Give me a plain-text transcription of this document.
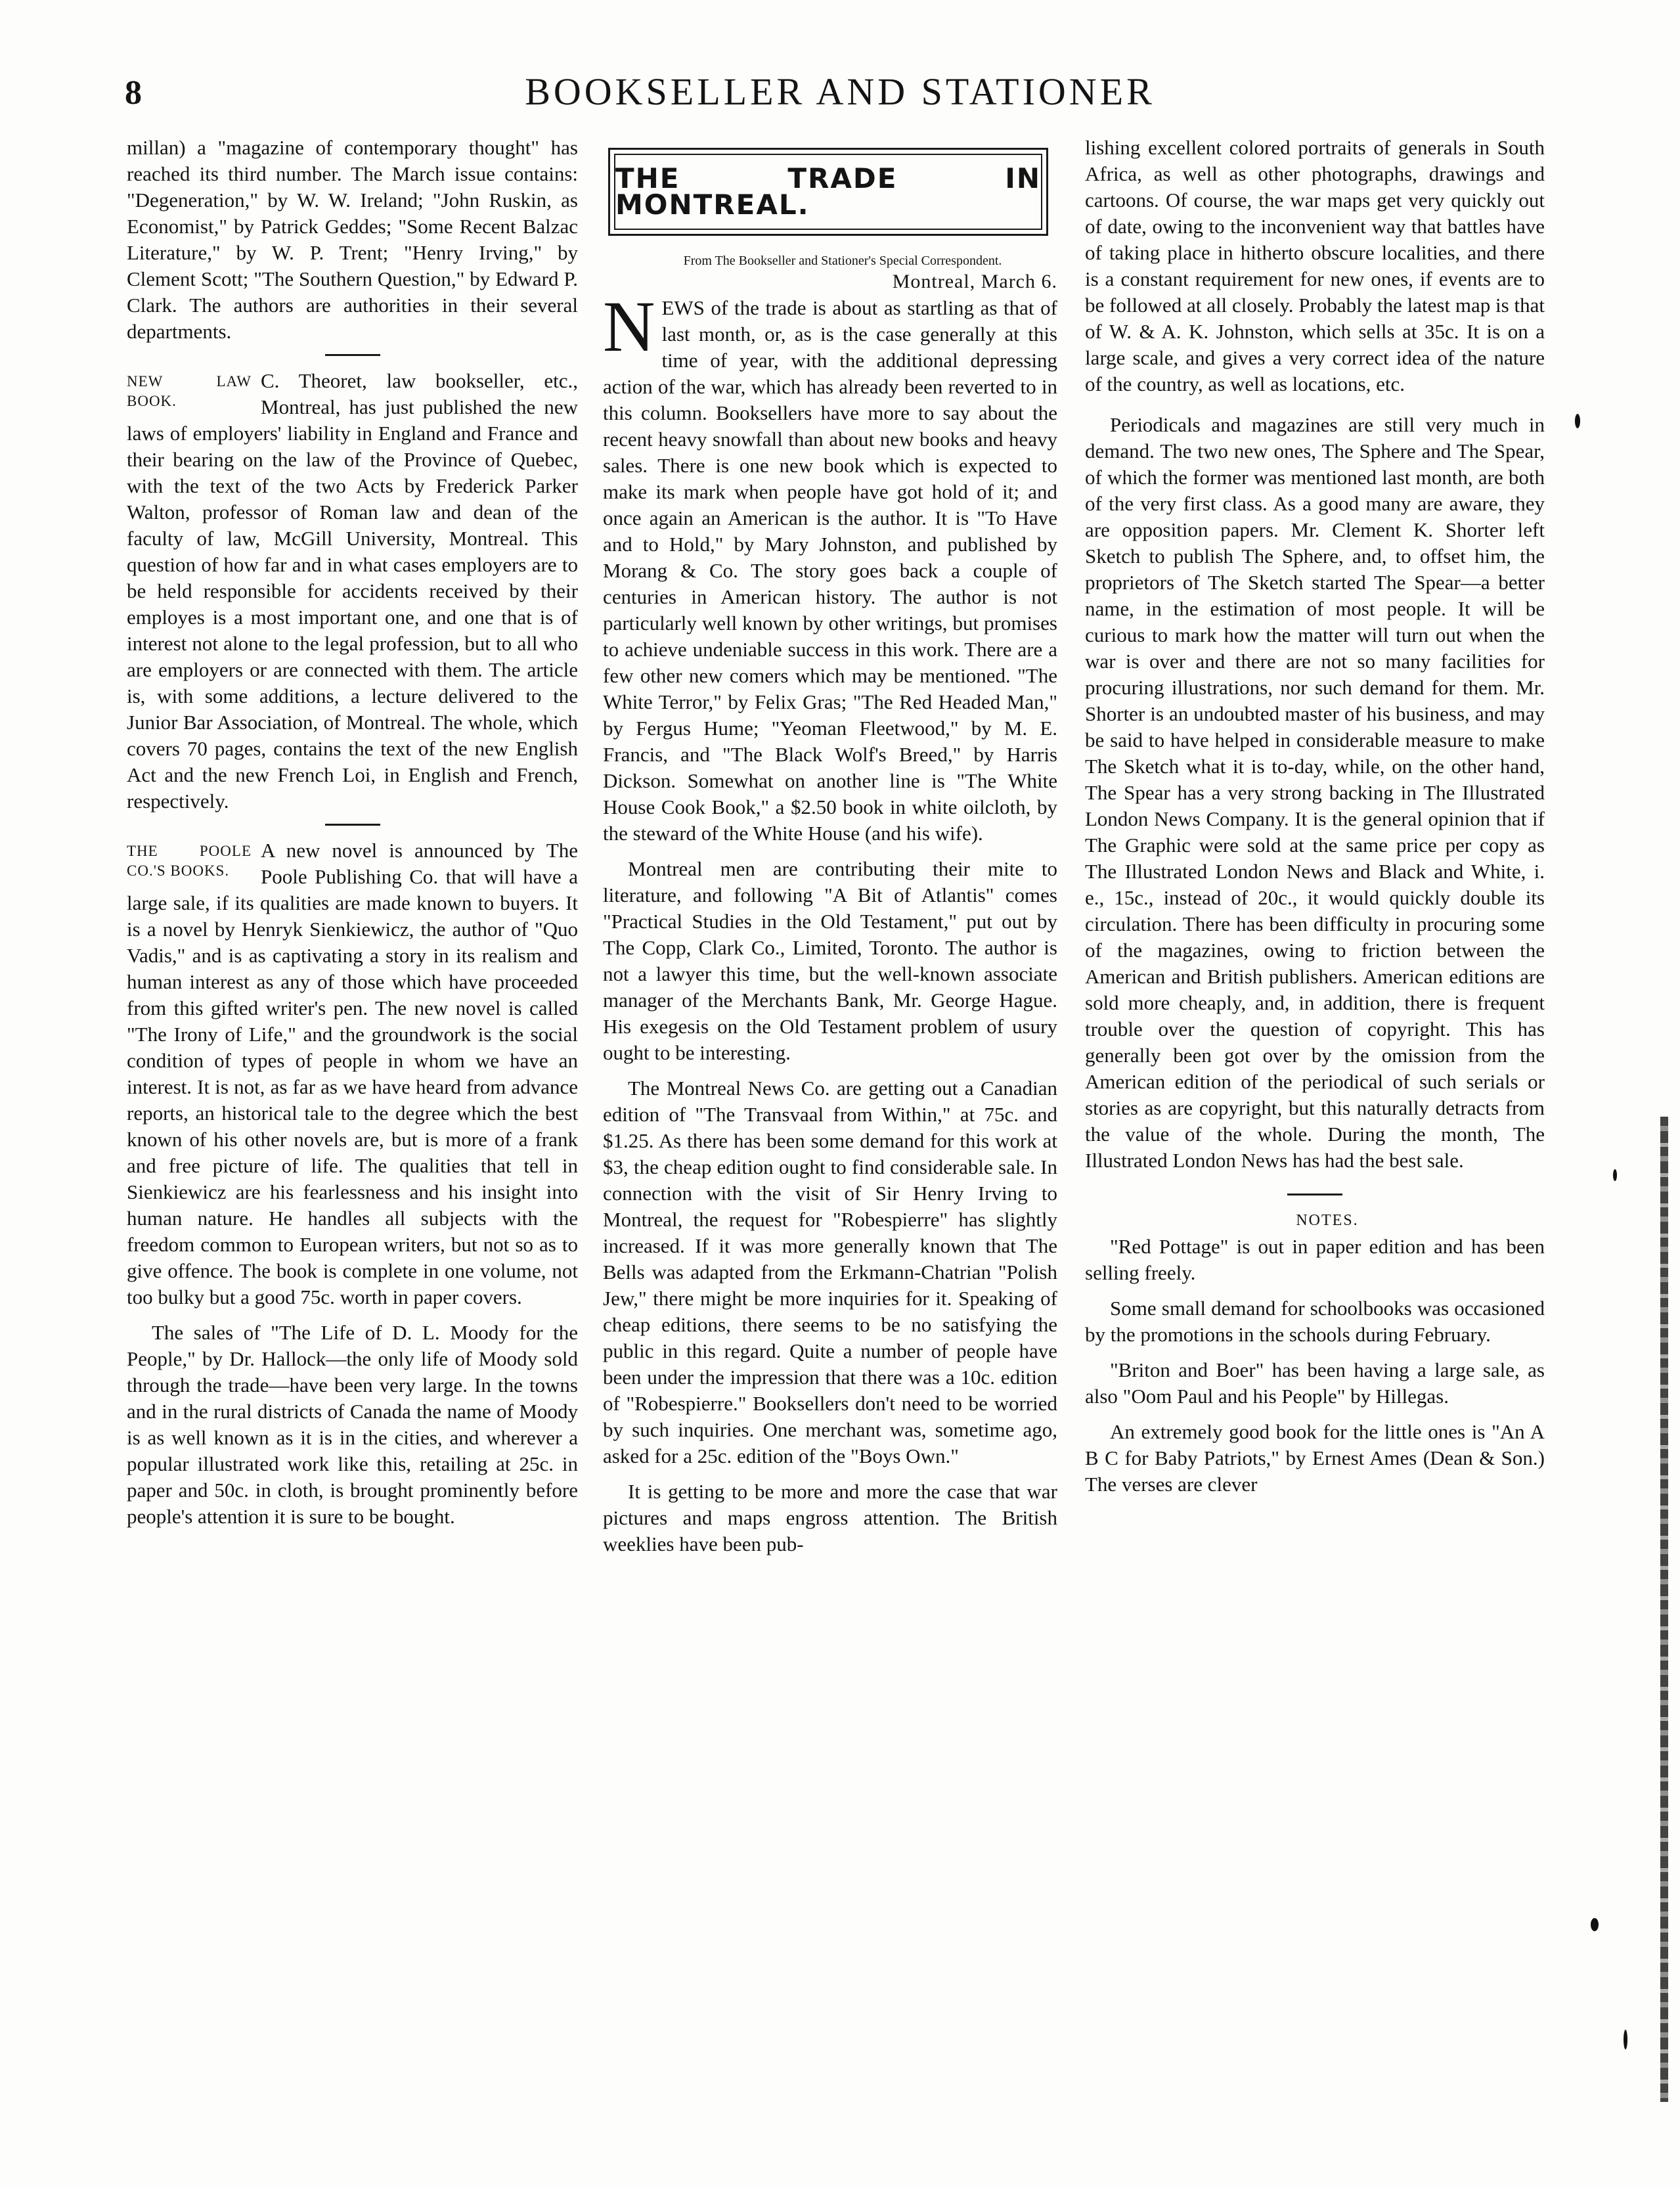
8	BOOKSELLER AND STATIONER

millan) a "magazine of contemporary thought" has reached its third number. The March issue contains: "Degeneration," by W. W. Ireland; "John Ruskin, as Economist," by Patrick Geddes; "Some Recent Balzac Literature," by W. P. Trent; "Henry Irving," by Clement Scott; "The Southern Question," by Edward P. Clark. The authors are authorities in their several departments.

NEW LAW BOOK.
C. Theoret, law bookseller, etc., Montreal, has just published the new laws of employers' liability in England and France and their bearing on the law of the Province of Quebec, with the text of the two Acts by Frederick Parker Walton, professor of Roman law and dean of the faculty of law, McGill University, Montreal. This question of how far and in what cases employers are to be held responsible for accidents received by their employes is a most important one, and one that is of interest not alone to the legal profession, but to all who are employers or are connected with them. The article is, with some additions, a lecture delivered to the Junior Bar Association, of Montreal. The whole, which covers 70 pages, contains the text of the new English Act and the new French Loi, in English and French, respectively.

THE POOLE CO.'S BOOKS.
A new novel is announced by The Poole Publishing Co. that will have a large sale, if its qualities are made known to buyers. It is a novel by Henryk Sienkiewicz, the author of "Quo Vadis," and is as captivating a story in its realism and human interest as any of those which have proceeded from this gifted writer's pen. The new novel is called "The Irony of Life," and the groundwork is the social condition of types of people in whom we have an interest. It is not, as far as we have heard from advance reports, an historical tale to the degree which the best known of his other novels are, but is more of a frank and free picture of life. The qualities that tell in Sienkiewicz are his fearlessness and his insight into human nature. He handles all subjects with the freedom common to European writers, but not so as to give offence. The book is complete in one volume, not too bulky but a good 75c. worth in paper covers.

The sales of "The Life of D. L. Moody for the People," by Dr. Hallock—the only life of Moody sold through the trade—have been very large. In the towns and in the rural districts of Canada the name of Moody is as well known as it is in the cities, and wherever a popular illustrated work like this, retailing at 25c. in paper and 50c. in cloth, is brought prominently before people's attention it is sure to be bought.

THE TRADE IN MONTREAL.

From The Bookseller and Stationer's Special Correspondent.

Montreal, March 6.

N EWS of the trade is about as startling as that of last month, or, as is the case generally at this time of year, with the additional depressing action of the war, which has already been reverted to in this column. Booksellers have more to say about the recent heavy snowfall than about new books and heavy sales. There is one new book which is expected to make its mark when people have got hold of it; and once again an American is the author. It is "To Have and to Hold," by Mary Johnston, and published by Morang & Co. The story goes back a couple of centuries in American history. The author is not particularly well known by other writings, but promises to achieve undeniable success in this work. There are a few other new comers which may be mentioned. "The White Terror," by Felix Gras; "The Red Headed Man," by Fergus Hume; "Yeoman Fleetwood," by M. E. Francis, and "The Black Wolf's Breed," by Harris Dickson. Somewhat on another line is "The White House Cook Book," a $2.50 book in white oilcloth, by the steward of the White House (and his wife).

Montreal men are contributing their mite to literature, and following "A Bit of Atlantis" comes "Practical Studies in the Old Testament," put out by The Copp, Clark Co., Limited, Toronto. The author is not a lawyer this time, but the well-known associate manager of the Merchants Bank, Mr. George Hague. His exegesis on the Old Testament problem of usury ought to be interesting.

The Montreal News Co. are getting out a Canadian edition of "The Transvaal from Within," at 75c. and $1.25. As there has been some demand for this work at $3, the cheap edition ought to find considerable sale. In connection with the visit of Sir Henry Irving to Montreal, the request for "Robespierre" has slightly increased. If it was more generally known that The Bells was adapted from the Erkmann-Chatrian "Polish Jew," there might be more inquiries for it. Speaking of cheap editions, there seems to be no satisfying the public in this regard. Quite a number of people have been under the impression that there was a 10c. edition of "Robespierre." Booksellers don't need to be worried by such inquiries. One merchant was, sometime ago, asked for a 25c. edition of the "Boys Own."

It is getting to be more and more the case that war pictures and maps engross attention. The British weeklies have been pub-

lishing excellent colored portraits of generals in South Africa, as well as other photographs, drawings and cartoons. Of course, the war maps get very quickly out of date, owing to the inconvenient way that battles have of taking place in hitherto obscure localities, and there is a constant requirement for new ones, if events are to be followed at all closely. Probably the latest map is that of W. & A. K. Johnston, which sells at 35c. It is on a large scale, and gives a very correct idea of the nature of the country, as well as locations, etc.

Periodicals and magazines are still very much in demand. The two new ones, The Sphere and The Spear, of which the former was mentioned last month, are both of the very first class. As a good many are aware, they are opposition papers. Mr. Clement K. Shorter left Sketch to publish The Sphere, and, to offset him, the proprietors of The Sketch started The Spear—a better name, in the estimation of most people. It will be curious to mark how the matter will turn out when the war is over and there are not so many facilities for procuring illustrations, nor such demand for them. Mr. Shorter is an undoubted master of his business, and may be said to have helped in considerable measure to make The Sketch what it is to-day, while, on the other hand, The Spear has a very strong backing in The Illustrated London News Company. It is the general opinion that if The Graphic were sold at the same price per copy as The Illustrated London News and Black and White, i. e., 15c., instead of 20c., it would quickly double its circulation. There has been difficulty in procuring some of the magazines, owing to friction between the American and British publishers. American editions are sold more cheaply, and, in addition, there is frequent trouble over the question of copyright. This has generally been got over by the omission from the American edition of the periodical of such serials or stories as are copyright, but this naturally detracts from the value of the whole. During the month, The Illustrated London News has had the best sale.

NOTES.

"Red Pottage" is out in paper edition and has been selling freely.

Some small demand for schoolbooks was occasioned by the promotions in the schools during February.

"Briton and Boer" has been having a large sale, as also "Oom Paul and his People" by Hillegas.

An extremely good book for the little ones is "An A B C for Baby Patriots," by Ernest Ames (Dean & Son.) The verses are clever
